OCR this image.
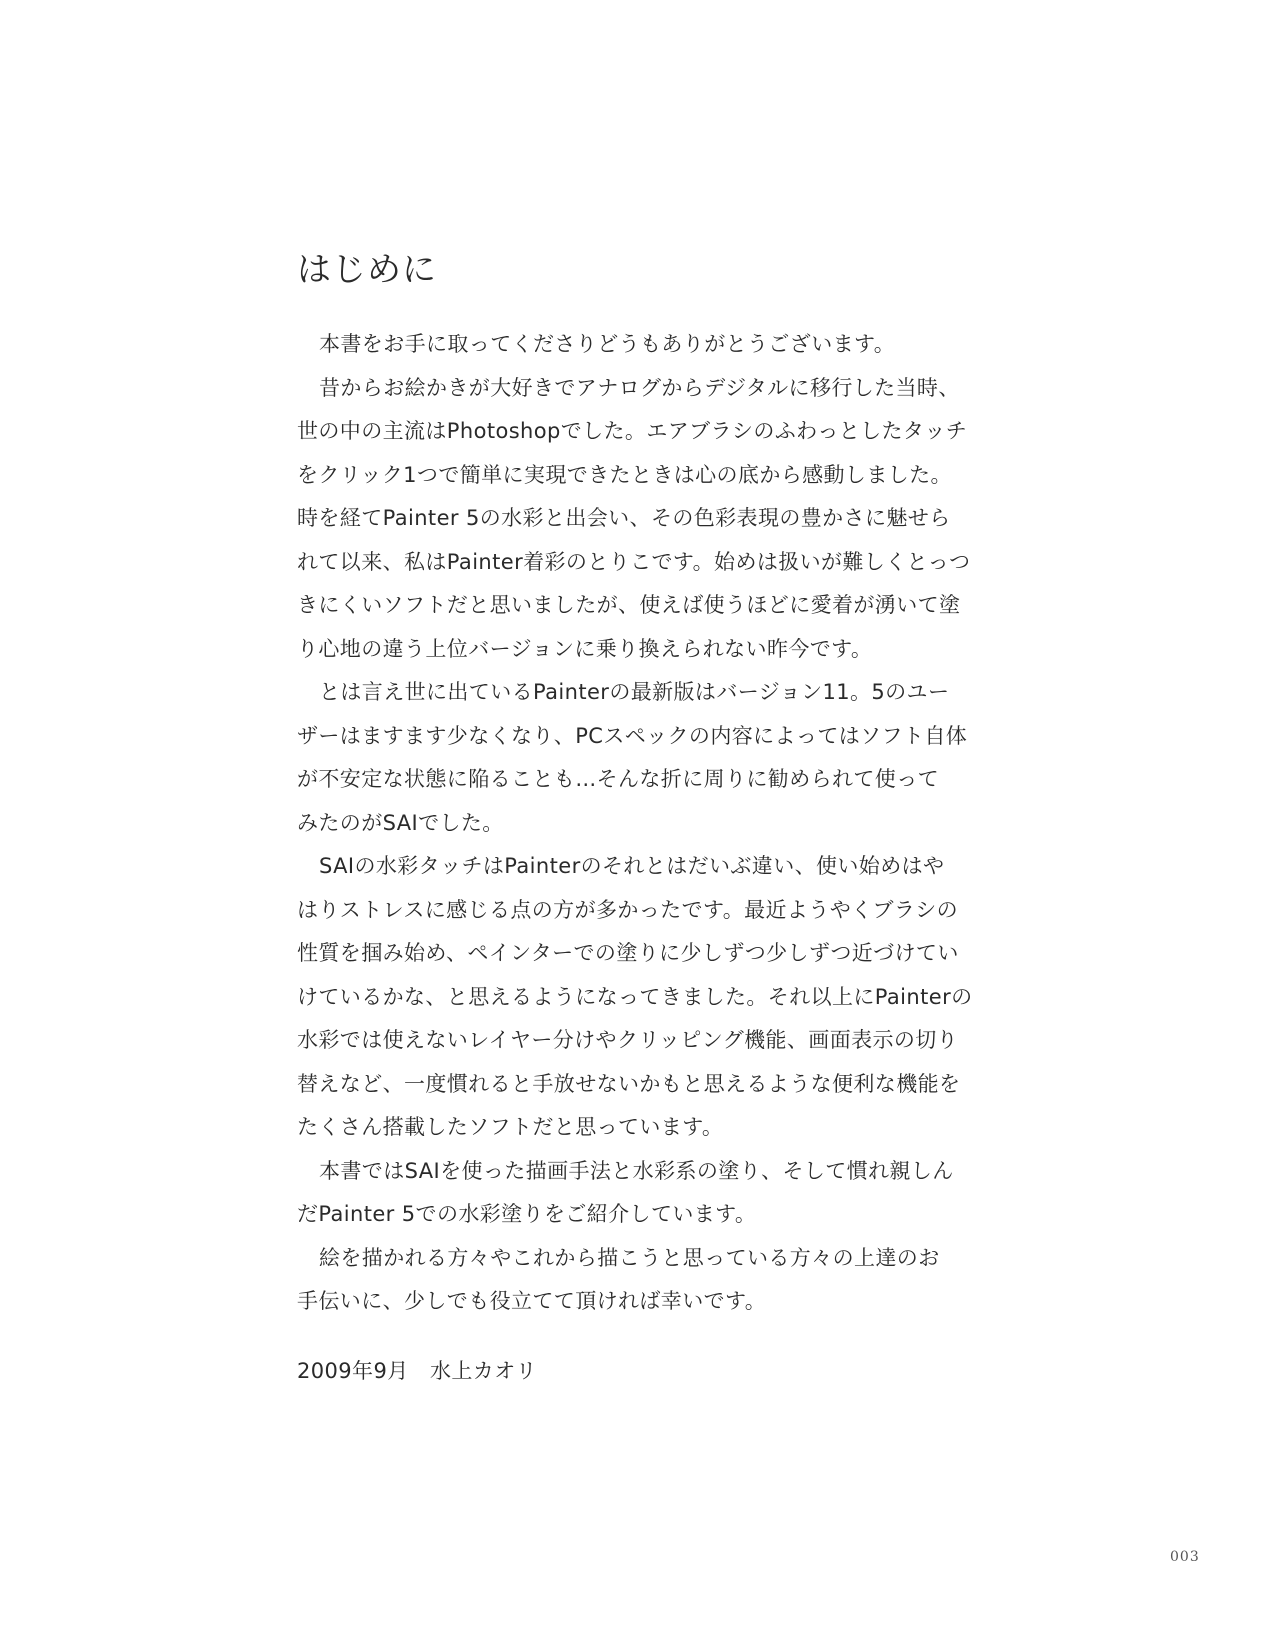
はじめに
本書をお手に取ってくださりどうもありがとうございます。
昔からお絵かきが大好きでアナログからデジタルに移行した当時、
世の中の主流はPhotoshopでした。エアブラシのふわっとしたタッチ
をクリック1つで簡単に実現できたときは心の底から感動しました。
時を経てPainter 5の水彩と出会い、その色彩表現の豊かさに魅せら
れて以来、私はPainter着彩のとりこです。始めは扱いが難しくとっつ
きにくいソフトだと思いましたが、使えば使うほどに愛着が湧いて塗
り心地の違う上位バージョンに乗り換えられない昨今です。
とは言え世に出ているPainterの最新版はバージョン11。5のユー
ザーはますます少なくなり、PCスペックの内容によってはソフト自体
が不安定な状態に陥ることも…そんな折に周りに勧められて使って
みたのがSAIでした。
SAIの水彩タッチはPainterのそれとはだいぶ違い、使い始めはや
はりストレスに感じる点の方が多かったです。最近ようやくブラシの
性質を掴み始め、ペインターでの塗りに少しずつ少しずつ近づけてい
けているかな、と思えるようになってきました。それ以上にPainterの
水彩では使えないレイヤー分けやクリッピング機能、画面表示の切り
替えなど、一度慣れると手放せないかもと思えるような便利な機能を
たくさん搭載したソフトだと思っています。
本書ではSAIを使った描画手法と水彩系の塗り、そして慣れ親しん
だPainter 5での水彩塗りをご紹介しています。
絵を描かれる方々やこれから描こうと思っている方々の上達のお
手伝いに、少しでも役立てて頂ければ幸いです。
2009年9月　水上カオリ
003
